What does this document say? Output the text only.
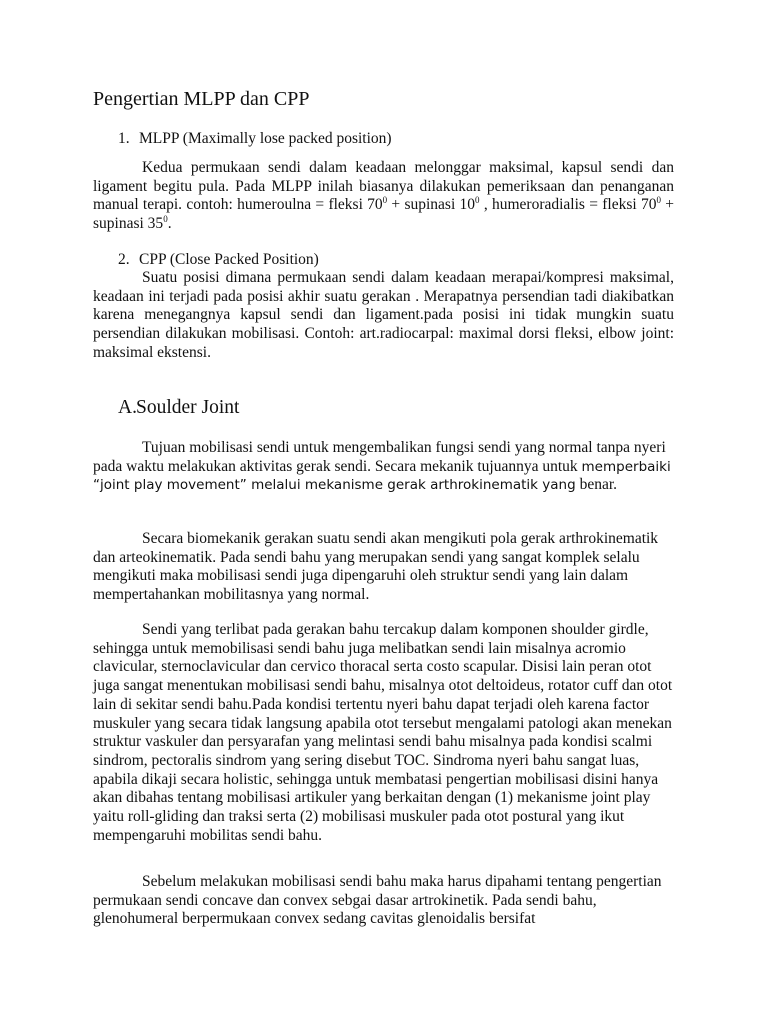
Pengertian MLPP dan CPP

1. MLPP (Maximally lose packed position)

Kedua permukaan sendi dalam keadaan melonggar maksimal, kapsul sendi dan ligament begitu pula. Pada MLPP inilah biasanya dilakukan pemeriksaan dan penanganan manual terapi. contoh: humeroulna = fleksi $70^0$ + supinasi $10^0$ , humeroradialis = fleksi $70^0$ + supinasi $35^0$.

2. CPP (Close Packed Position)

Suatu posisi dimana permukaan sendi dalam keadaan merapai/kompresi maksimal, keadaan ini terjadi pada posisi akhir suatu gerakan . Merapatnya persendian tadi diakibatkan karena menegangnya kapsul sendi dan ligament.pada posisi ini tidak mungkin suatu persendian dilakukan mobilisasi. Contoh: art.radiocarpal: maximal dorsi fleksi, elbow joint: maksimal ekstensi.

A.Soulder Joint

Tujuan mobilisasi sendi untuk mengembalikan fungsi sendi yang normal tanpa nyeri pada waktu melakukan aktivitas gerak sendi. Secara mekanik tujuannya untuk memperbaiki “joint play movement” melalui mekanisme gerak arthrokinematik yang benar.

Secara biomekanik gerakan suatu sendi akan mengikuti pola gerak arthrokinematik dan arteokinematik. Pada sendi bahu yang merupakan sendi yang sangat komplek selalu mengikuti maka mobilisasi sendi juga dipengaruhi oleh struktur sendi yang lain dalam mempertahankan mobilitasnya yang normal.

Sendi yang terlibat pada gerakan bahu tercakup dalam komponen shoulder girdle, sehingga untuk memobilisasi sendi bahu juga melibatkan sendi lain misalnya acromio clavicular, sternoclavicular dan cervico thoracal serta costo scapular. Disisi lain peran otot juga sangat menentukan mobilisasi sendi bahu, misalnya otot deltoideus, rotator cuff dan otot lain di sekitar sendi bahu.Pada kondisi tertentu nyeri bahu dapat terjadi oleh karena factor muskuler yang secara tidak langsung apabila otot tersebut mengalami patologi akan menekan struktur vaskuler dan persyarafan yang melintasi sendi bahu misalnya pada kondisi scalmi sindrom, pectoralis sindrom yang sering disebut TOC. Sindroma nyeri bahu sangat luas, apabila dikaji secara holistic, sehingga untuk membatasi pengertian mobilisasi disini hanya akan dibahas tentang mobilisasi artikuler yang berkaitan dengan (1) mekanisme joint play yaitu roll-gliding dan traksi serta (2) mobilisasi muskuler pada otot postural yang ikut mempengaruhi mobilitas sendi bahu.

Sebelum melakukan mobilisasi sendi bahu maka harus dipahami tentang pengertian permukaan sendi concave dan convex sebgai dasar artrokinetik. Pada sendi bahu, glenohumeral berpermukaan convex sedang cavitas glenoidalis bersifat
